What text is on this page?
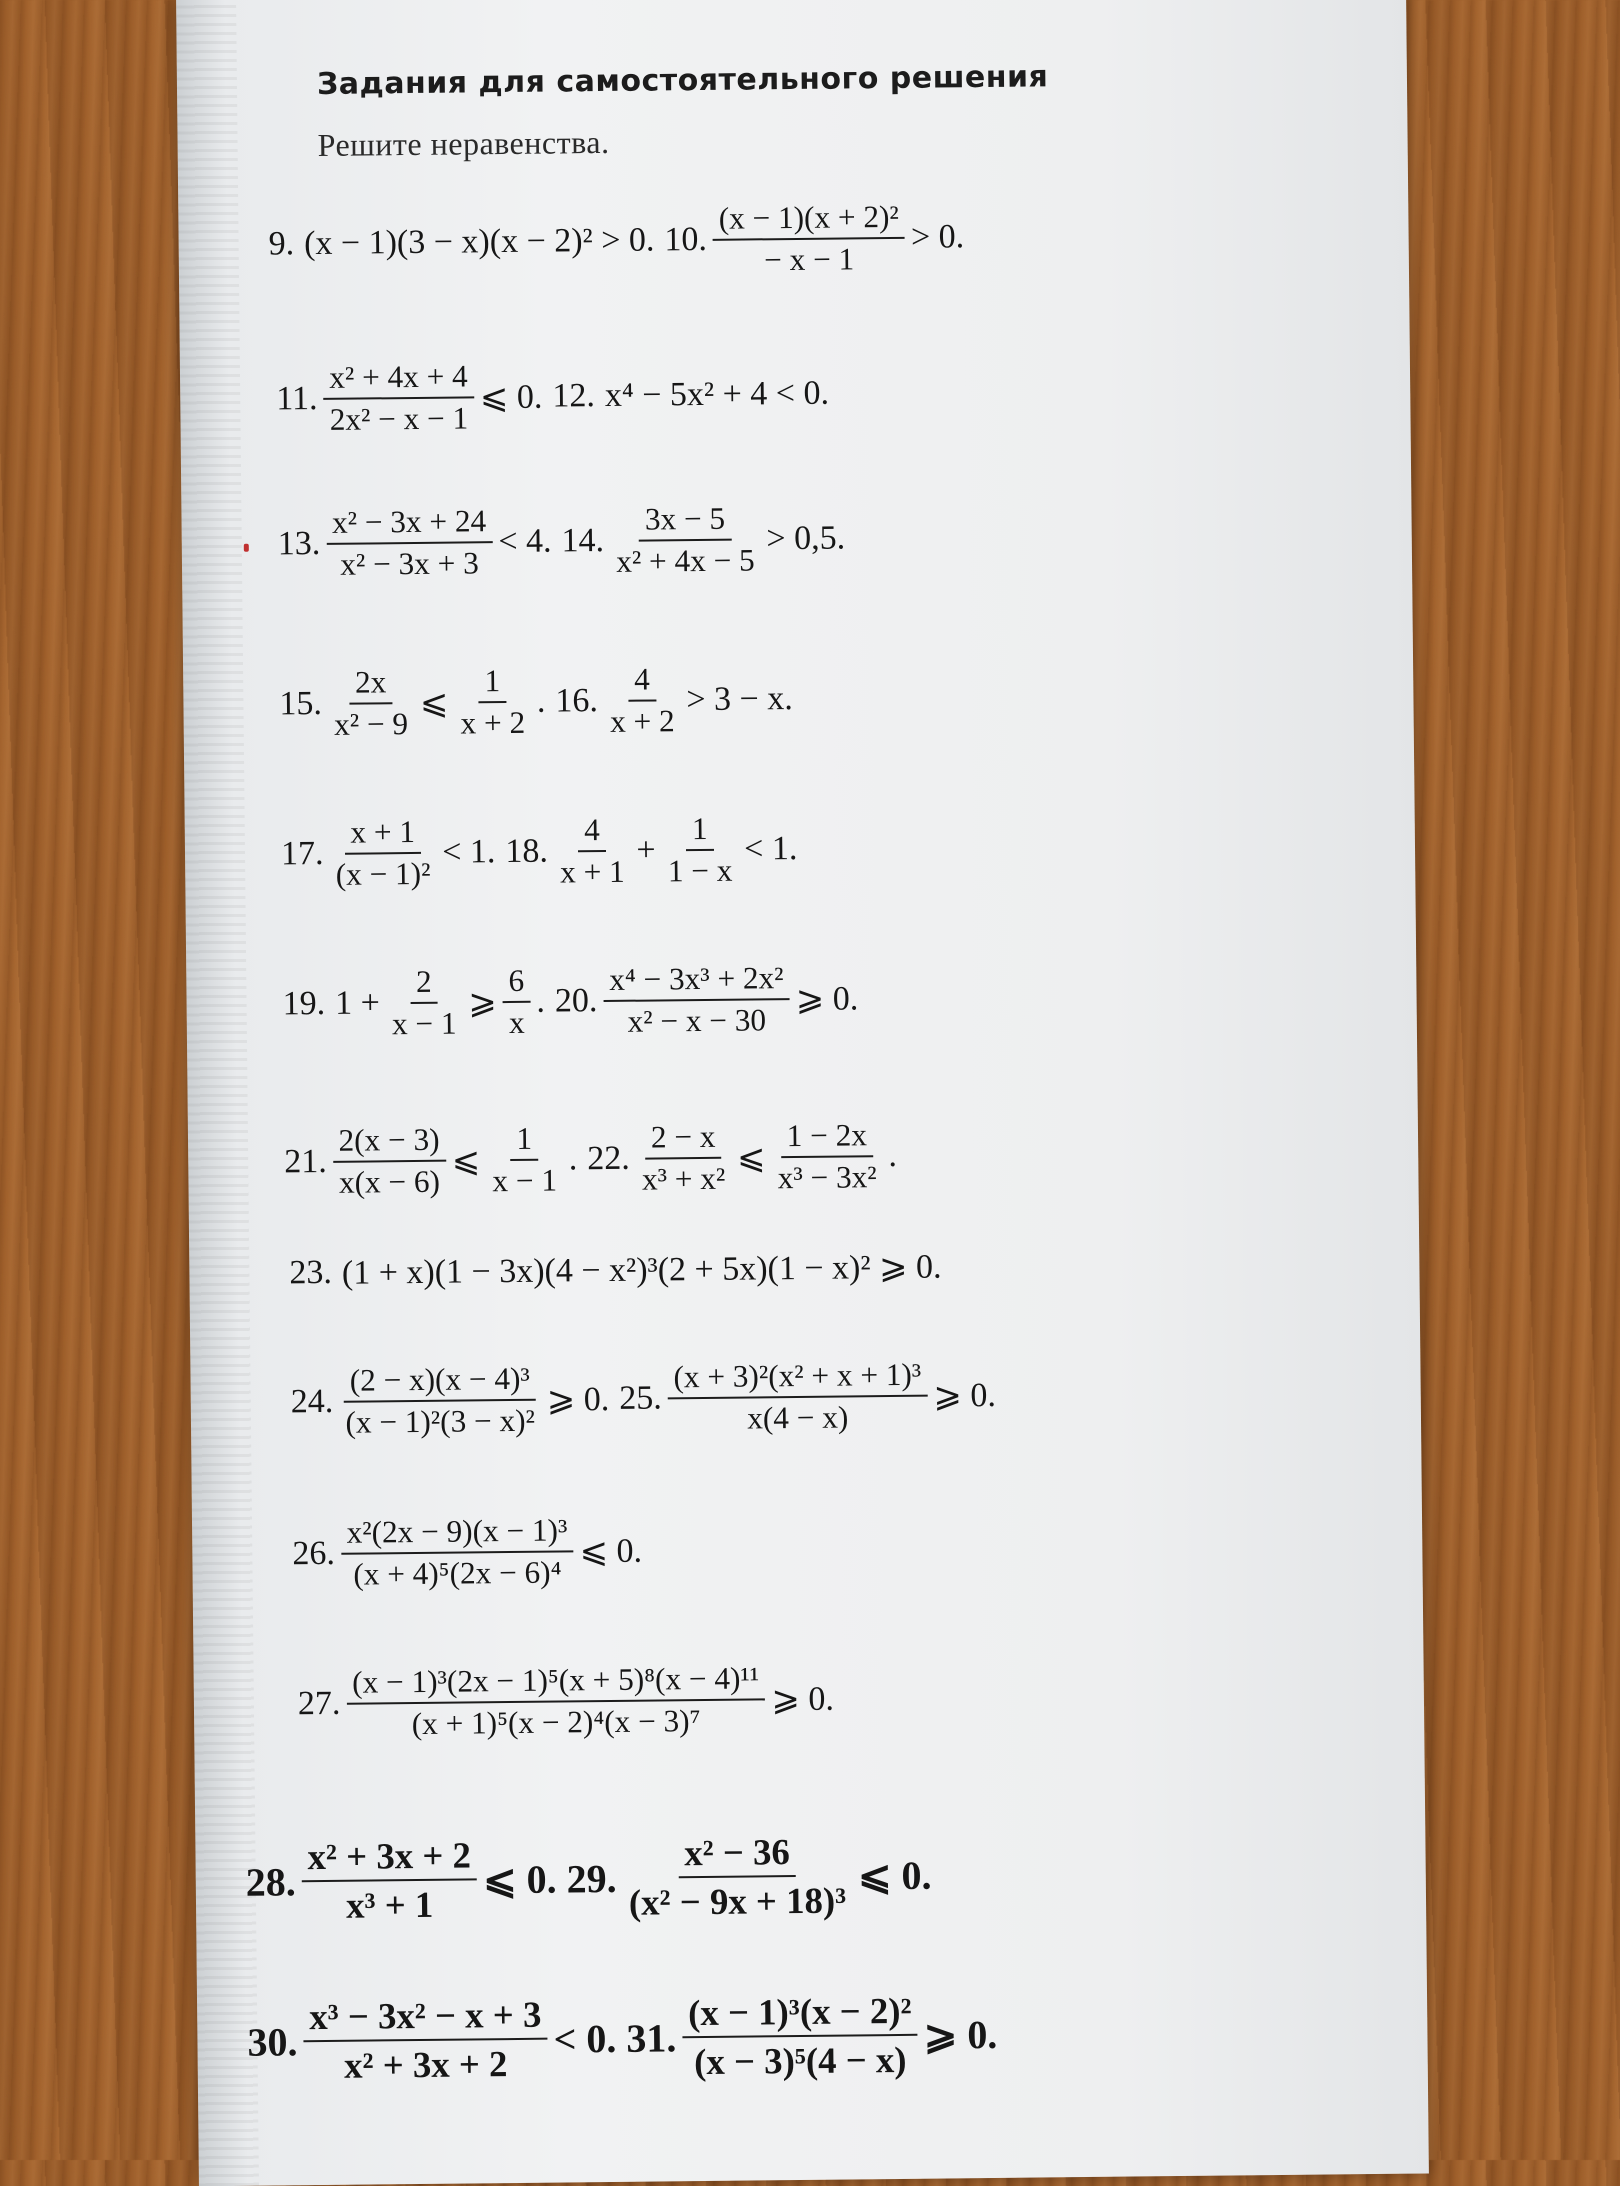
Задания для самостоятельного решения
Решите неравенства.
9. (x − 1)(3 − x)(x − 2)² > 0. 10. $\frac{\text{(x − 1)(x + 2)²}}{- x - 1} > 0$.
11. $\frac{\text{x² + 4x + 4}}{\text{2x² − x − 1}}$ ⩽ 0. 12. x⁴ − 5x² + 4 < 0.
13. $\frac{\text{x² − 3x + 24}}{\text{x² − 3x + 3}} < 4$. 14. $\frac{3x - 5}{\text{x² + 4x − 5}} > 0,5$.
15. $\frac{2x}{\text{x² − 9}}$ ⩽ $\frac{1}{x + 2}$ . 16. $\frac{4}{x + 2} > 3 - x$.
17. $\frac{x + 1}{\text{(x − 1)²}} < 1$. 18. $\frac{4}{x + 1} + \frac{1}{1 - x} < 1$.
19. $1 + \frac{2}{x - 1}$ ⩾ $\frac{6}{x}$ . 20. $\frac{\text{x⁴ − 3x³ + 2x²}}{\text{x² − x − 30}}$ ⩾ 0.
21. $\frac{2(x - 3)}{x(x - 6)}$ ⩽ $\frac{1}{x - 1}$ . 22. $\frac{2 - x}{\text{x³ + x²}}$ ⩽ $\frac{1 - 2x}{\text{x³ − 3x²}}$ .
23. (1 + x)(1 − 3x)(4 − x²)³(2 + 5x)(1 − x)² ⩾ 0.
24. $\frac{\text{(2 − x)(x − 4)³}}{\text{(x − 1)²(3 − x)²}}$ ⩾ 0. 25. $\frac{\text{(x + 3)²(x² + x + 1)³}}{x(4 - x)}$ ⩾ 0.
26. $\frac{\text{x²(2x − 9)(x − 1)³}}{\text{(x + 4)⁵(2x − 6)⁴}}$ ⩽ 0.
27. $\frac{\text{(x − 1)³(2x − 1)⁵(x + 5)⁸(x − 4)¹¹}}{\text{(x + 1)⁵(x − 2)⁴(x − 3)⁷}}$ ⩾ 0.
28. $\frac{\text{x² + 3x + 2}}{\text{x³ + 1}}$ ⩽ 0. 29. $\frac{\text{x² − 36}}{\text{(x² − 9x + 18)³}}$ ⩽ 0.
30. $\frac{\text{x³ − 3x² − x + 3}}{\text{x² + 3x + 2}} < 0$. 31. $\frac{\text{(x − 1)³(x − 2)²}}{\text{(x − 3)⁵(4 − x)}}$ ⩾ 0.
